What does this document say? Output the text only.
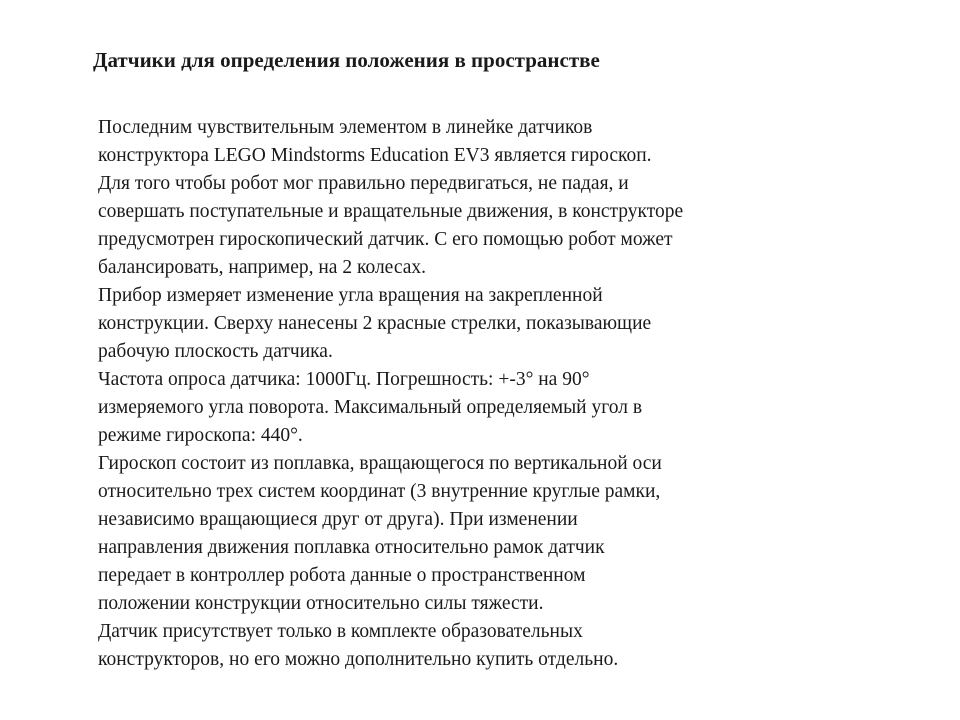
Датчики для определения положения в пространстве
Последним чувствительным элементом в линейке датчиков
конструктора LEGO Mindstorms Education EV3 является гироскоп.
Для того чтобы робот мог правильно передвигаться, не падая, и
совершать поступательные и вращательные движения, в конструкторе
предусмотрен гироскопический датчик. С его помощью робот может
балансировать, например, на 2 колесах.
Прибор измеряет изменение угла вращения на закрепленной
конструкции. Сверху нанесены 2 красные стрелки, показывающие
рабочую плоскость датчика.
Частота опроса датчика: 1000Гц. Погрешность: +-3° на 90°
измеряемого угла поворота. Максимальный определяемый угол в
режиме гироскопа: 440°.
Гироскоп состоит из поплавка, вращающегося по вертикальной оси
относительно трех систем координат (3 внутренние круглые рамки,
независимо вращающиеся друг от друга). При изменении
направления движения поплавка относительно рамок датчик
передает в контроллер робота данные о пространственном
положении конструкции относительно силы тяжести.
Датчик присутствует только в комплекте образовательных
конструкторов, но его можно дополнительно купить отдельно.
